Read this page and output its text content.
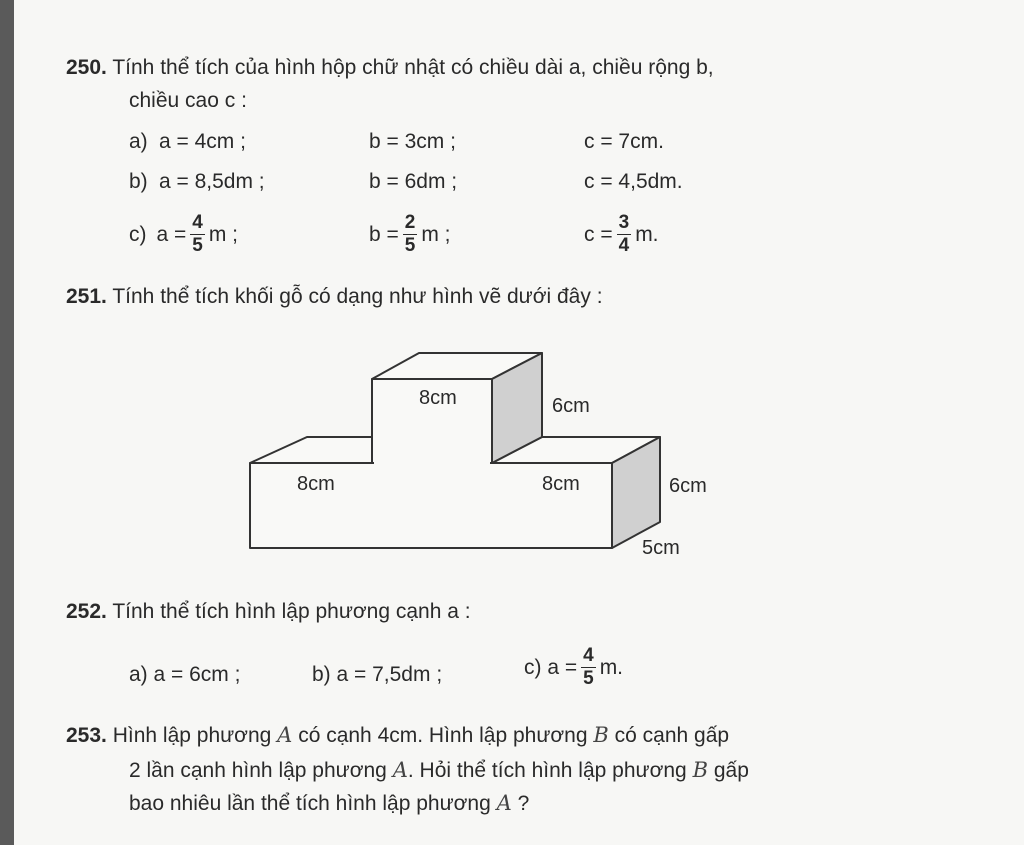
250. Tính thể tích của hình hộp chữ nhật có chiều dài a, chiều rộng b,
chiều cao c :
a) a = 4cm ;	b = 3cm ;	c = 7cm.
b) a = 8,5dm ;	b = 6dm ;	c = 4,5dm.
c) $a = \frac{4}{5}$ m ;	$b = \frac{2}{5}$ m ;	$c = \frac{3}{4} m$.
251. Tính thể tích khối gỗ có dạng như hình vẽ dưới đây :
8cm	6cm
8cm	8cm	6cm
5cm
252. Tính thể tích hình lập phương cạnh a :
a) a = 6cm ;	b) a = 7,5dm ;	c) $a = \frac{4}{5} m$.
253. Hình lập phương A có cạnh 4cm. Hình lập phương B có cạnh gấp
2 lần cạnh hình lập phương A. Hỏi thể tích hình lập phương B gấp
bao nhiêu lần thể tích hình lập phương A ?
